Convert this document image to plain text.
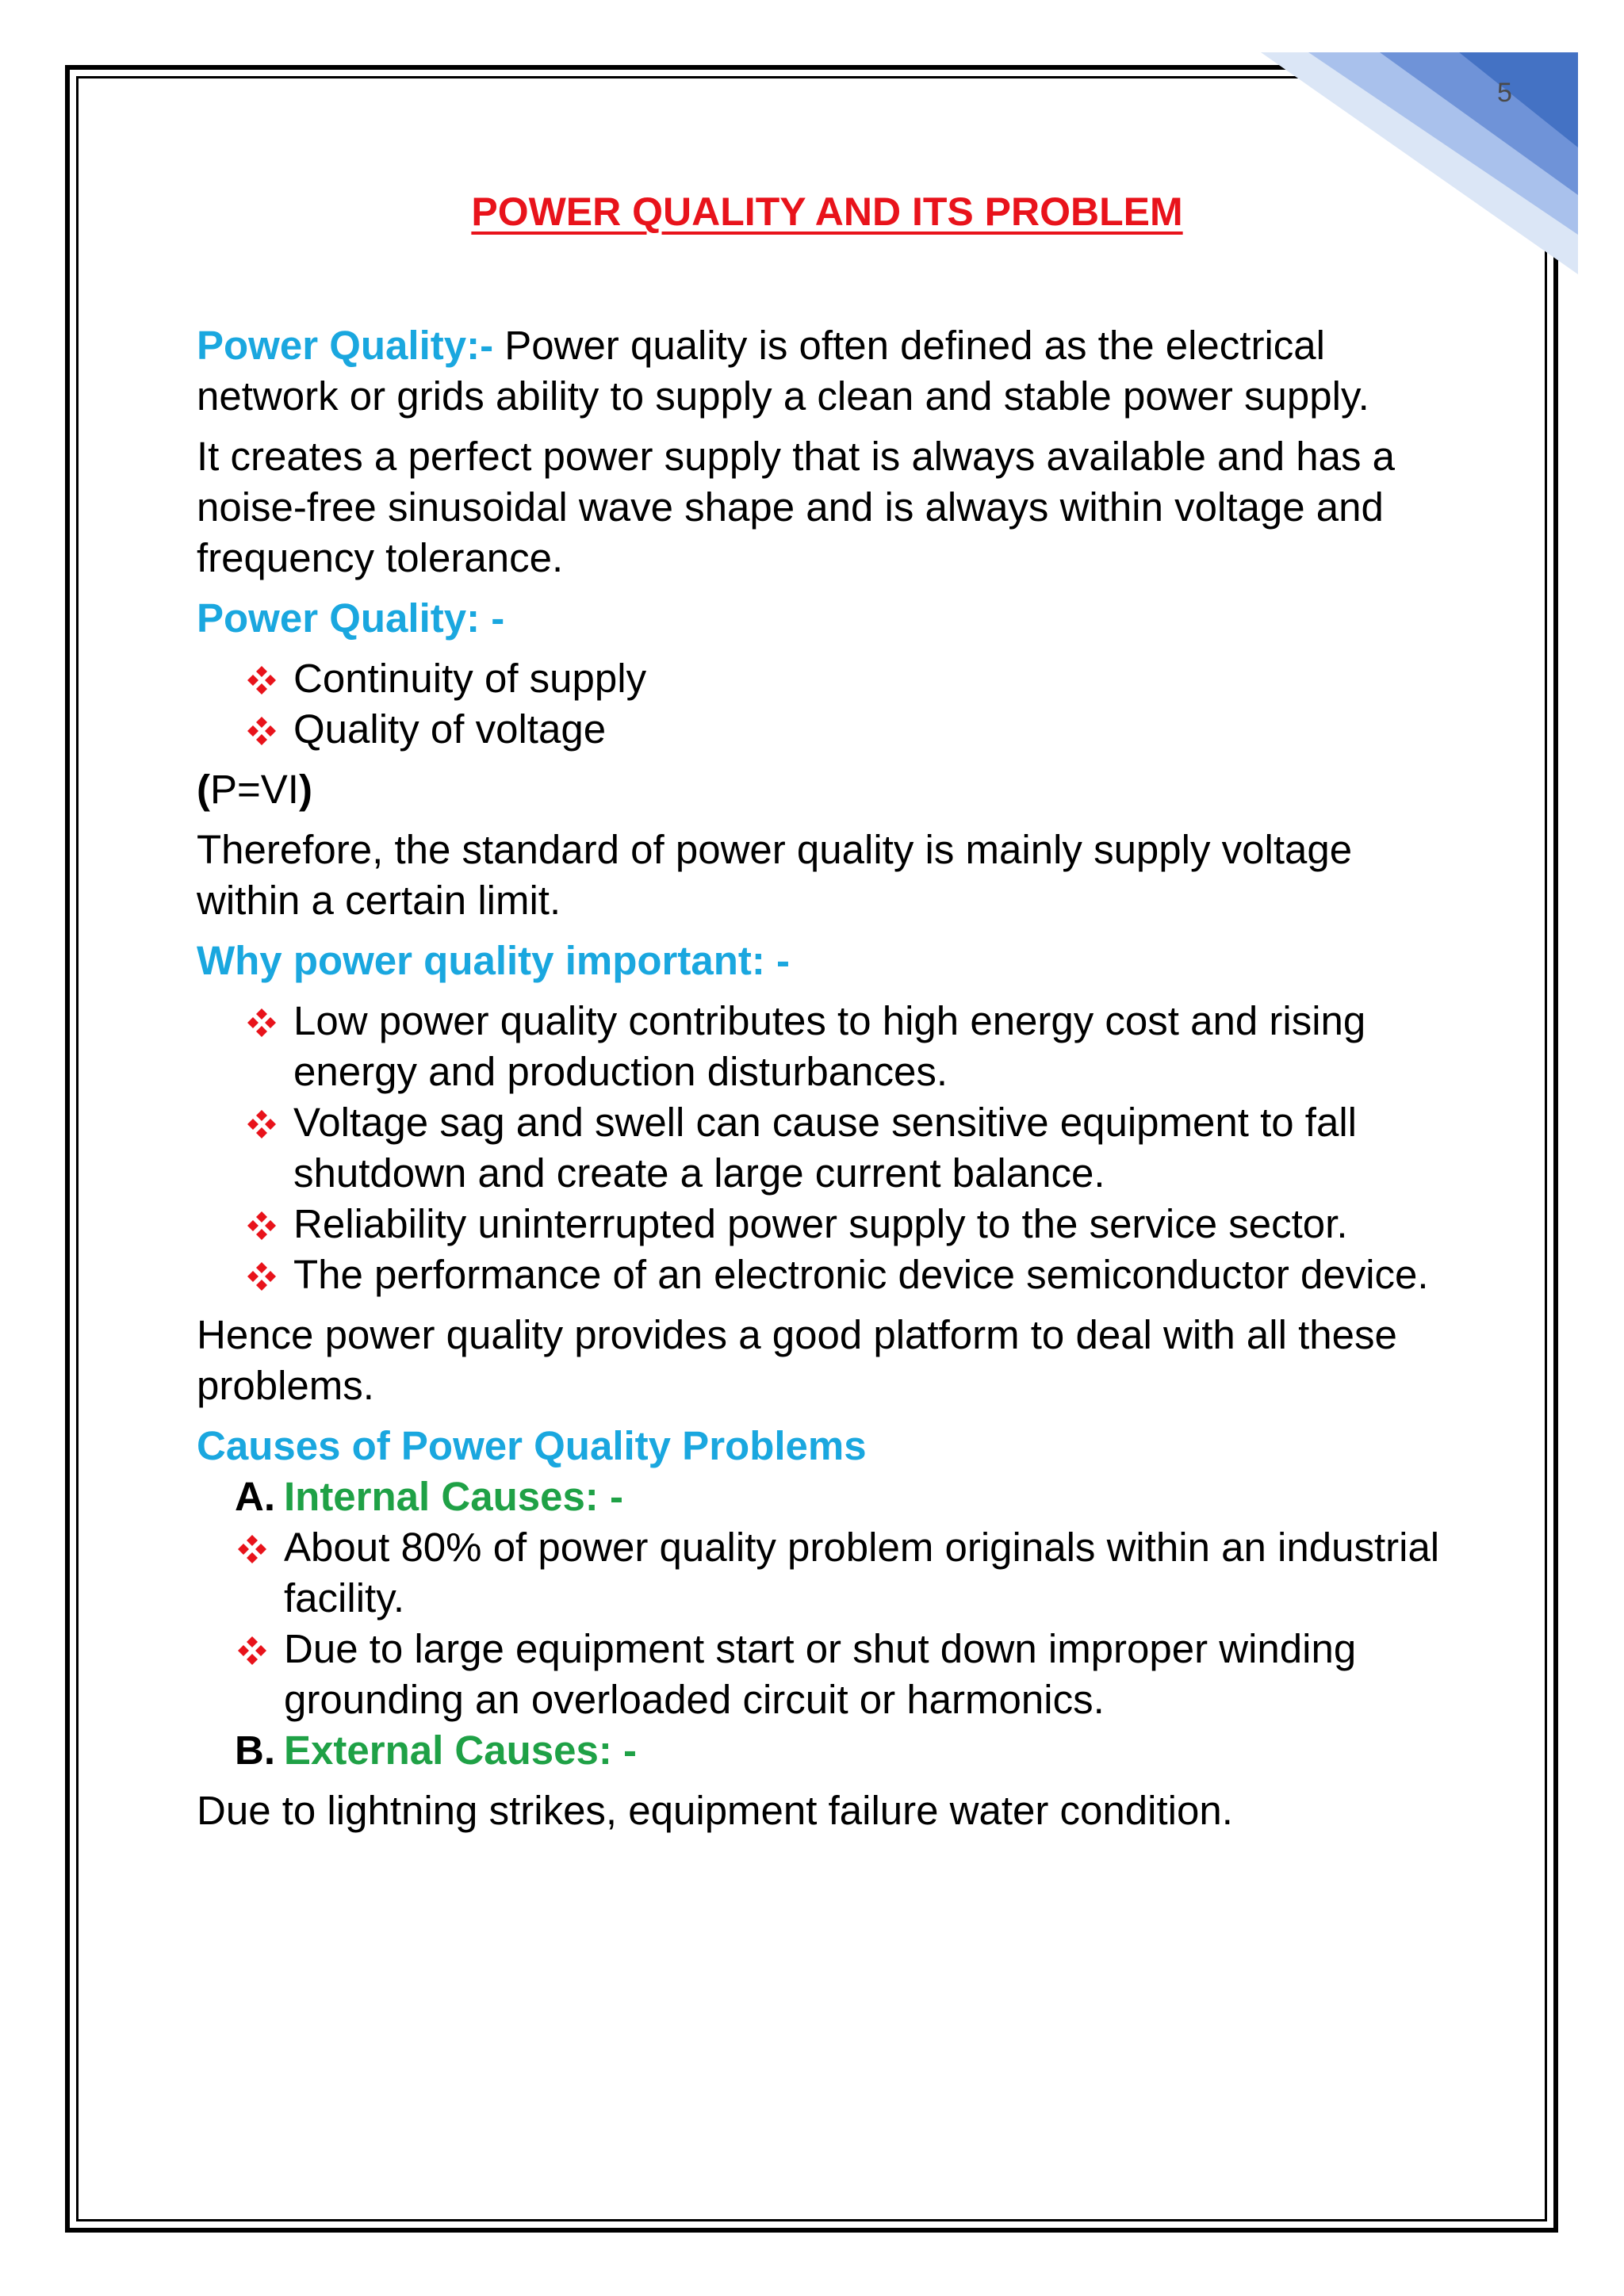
5
POWER QUALITY AND ITS PROBLEM
Power Quality:- Power quality is often defined as the electrical network or grids ability to supply a clean and stable power supply.
It creates a perfect power supply that is always available and has a noise-free sinusoidal wave shape and is always within voltage and frequency tolerance.
Power Quality: -
Continuity of supply
Quality of voltage
(P=VI)
Therefore, the standard of power quality is mainly supply voltage within a certain limit.
Why power quality important: -
Low power quality contributes to high energy cost and rising energy and production disturbances.
Voltage sag and swell can cause sensitive equipment to fall shutdown and create a large current balance.
Reliability uninterrupted power supply to the service sector.
The performance of an electronic device semiconductor device.
Hence power quality provides a good platform to deal with all these problems.
Causes of Power Quality Problems
A. Internal Causes: -
About 80% of power quality problem originals within an industrial facility.
Due to large equipment start or shut down improper winding grounding an overloaded circuit or harmonics.
B. External Causes: -
Due to lightning strikes, equipment failure water condition.
